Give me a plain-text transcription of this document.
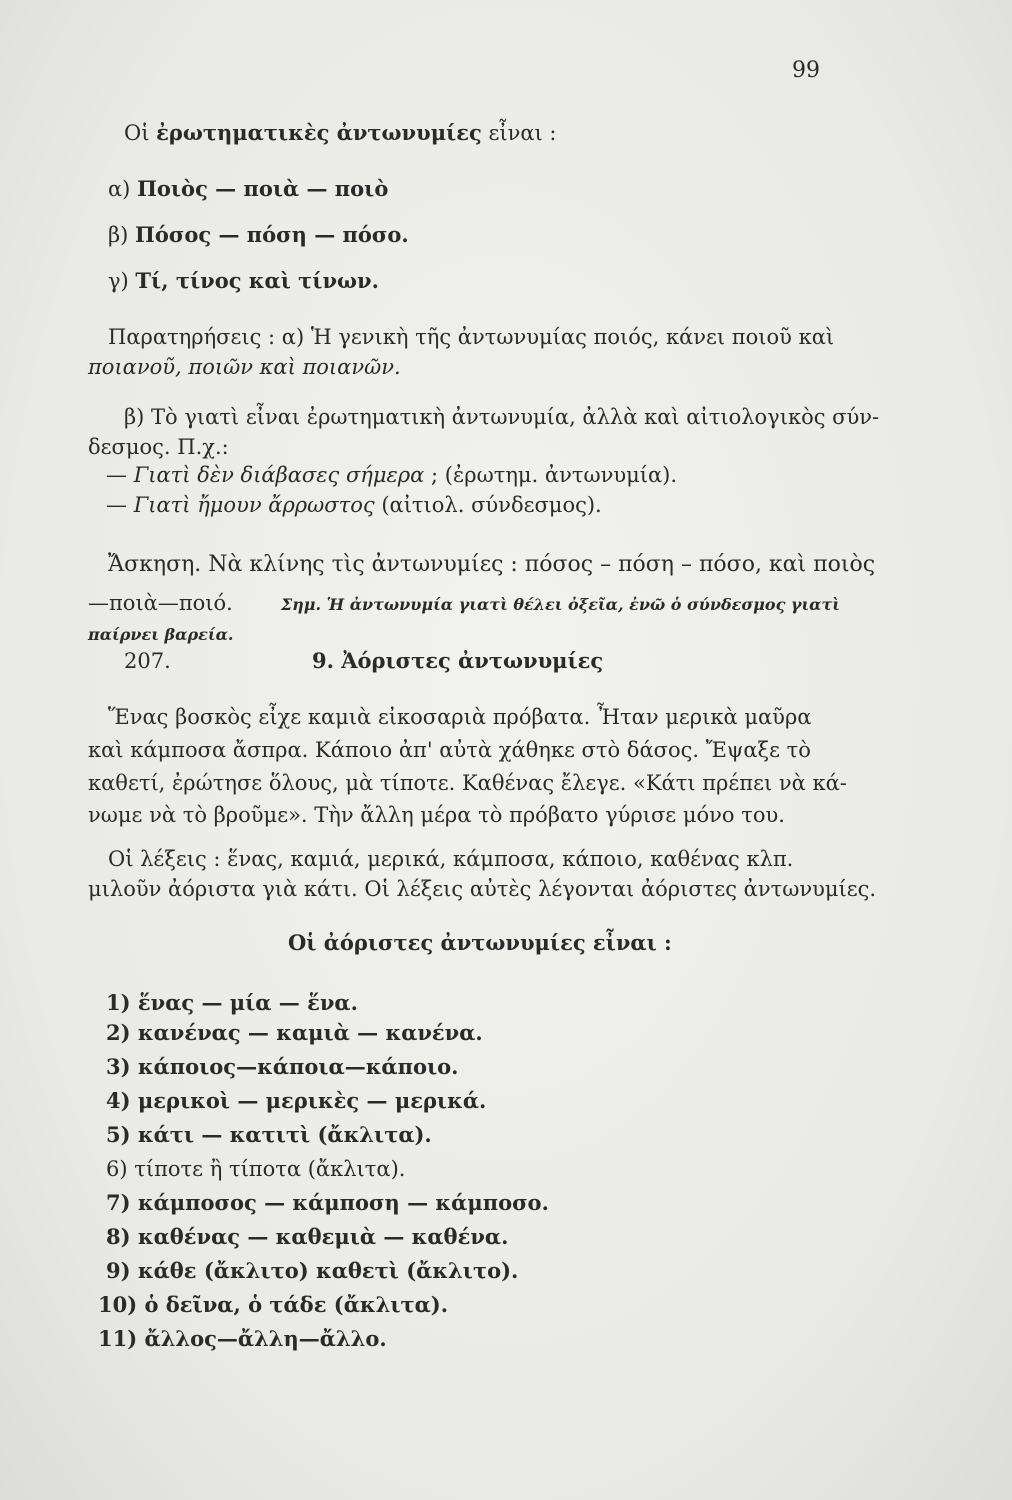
99
Οἱ ἐρωτηματικὲς ἀντωνυμίες εἶναι :
α) Ποιὸς — ποιὰ — ποιὸ
β) Πόσος — πόση — πόσο.
γ) Τί, τίνος καὶ τίνων.
Παρατηρήσεις : α) Ἡ γενικὴ τῆς ἀντωνυμίας ποιός, κάνει ποιοῦ καὶ
ποιανοῦ, ποιῶν καὶ ποιανῶν.
β) Τὸ γιατὶ εἶναι ἐρωτηματικὴ ἀντωνυμία, ἀλλὰ καὶ αἰτιολογικὸς σύν-
δεσμος. Π.χ.:
— Γιατὶ δὲν διάβασες σήμερα ; (ἐρωτημ. ἀντωνυμία).
— Γιατὶ ἤμουν ἄρρωστος (αἰτιολ. σύνδεσμος).
Ἄσκηση. Νὰ κλίνης τὶς ἀντωνυμίες : πόσος – πόση – πόσο, καὶ ποιὸς
—ποιὰ—ποιό.	Σημ. Ἡ ἀντωνυμία γιατὶ θέλει ὀξεῖα, ἐνῶ ὁ σύνδεσμος γιατὶ
παίρνει βαρεία.
207.	9. Ἀόριστες ἀντωνυμίες
Ἕνας βοσκὸς εἶχε καμιὰ εἰκοσαριὰ πρόβατα. Ἦταν μερικὰ μαῦρα
καὶ κάμποσα ἄσπρα. Κάποιο ἀπ' αὐτὰ χάθηκε στὸ δάσος. Ἔψαξε τὸ
καθετί, ἐρώτησε ὅλους, μὰ τίποτε. Καθένας ἔλεγε. «Κάτι πρέπει νὰ κά-
νωμε νὰ τὸ βροῦμε». Τὴν ἄλλη μέρα τὸ πρόβατο γύρισε μόνο του.
Οἱ λέξεις : ἕνας, καμιά, μερικά, κάμποσα, κάποιο, καθένας κλπ.
μιλοῦν ἀόριστα γιὰ κάτι. Οἱ λέξεις αὐτὲς λέγονται ἀόριστες ἀντωνυμίες.
Οἱ ἀόριστες ἀντωνυμίες εἶναι :
1) ἕνας — μία — ἕνα.
2) κανένας — καμιὰ — κανένα.
3) κάποιος—κάποια—κάποιο.
4) μερικοὶ — μερικὲς — μερικά.
5) κάτι — κατιτὶ (ἄκλιτα).
6) τίποτε ἢ τίποτα (ἄκλιτα).
7) κάμποσος — κάμποση — κάμποσο.
8) καθένας — καθεμιὰ — καθένα.
9) κάθε (ἄκλιτο) καθετὶ (ἄκλιτο).
10) ὁ δεῖνα, ὁ τάδε (ἄκλιτα).
11) ἄλλος—ἄλλη—ἄλλο.
